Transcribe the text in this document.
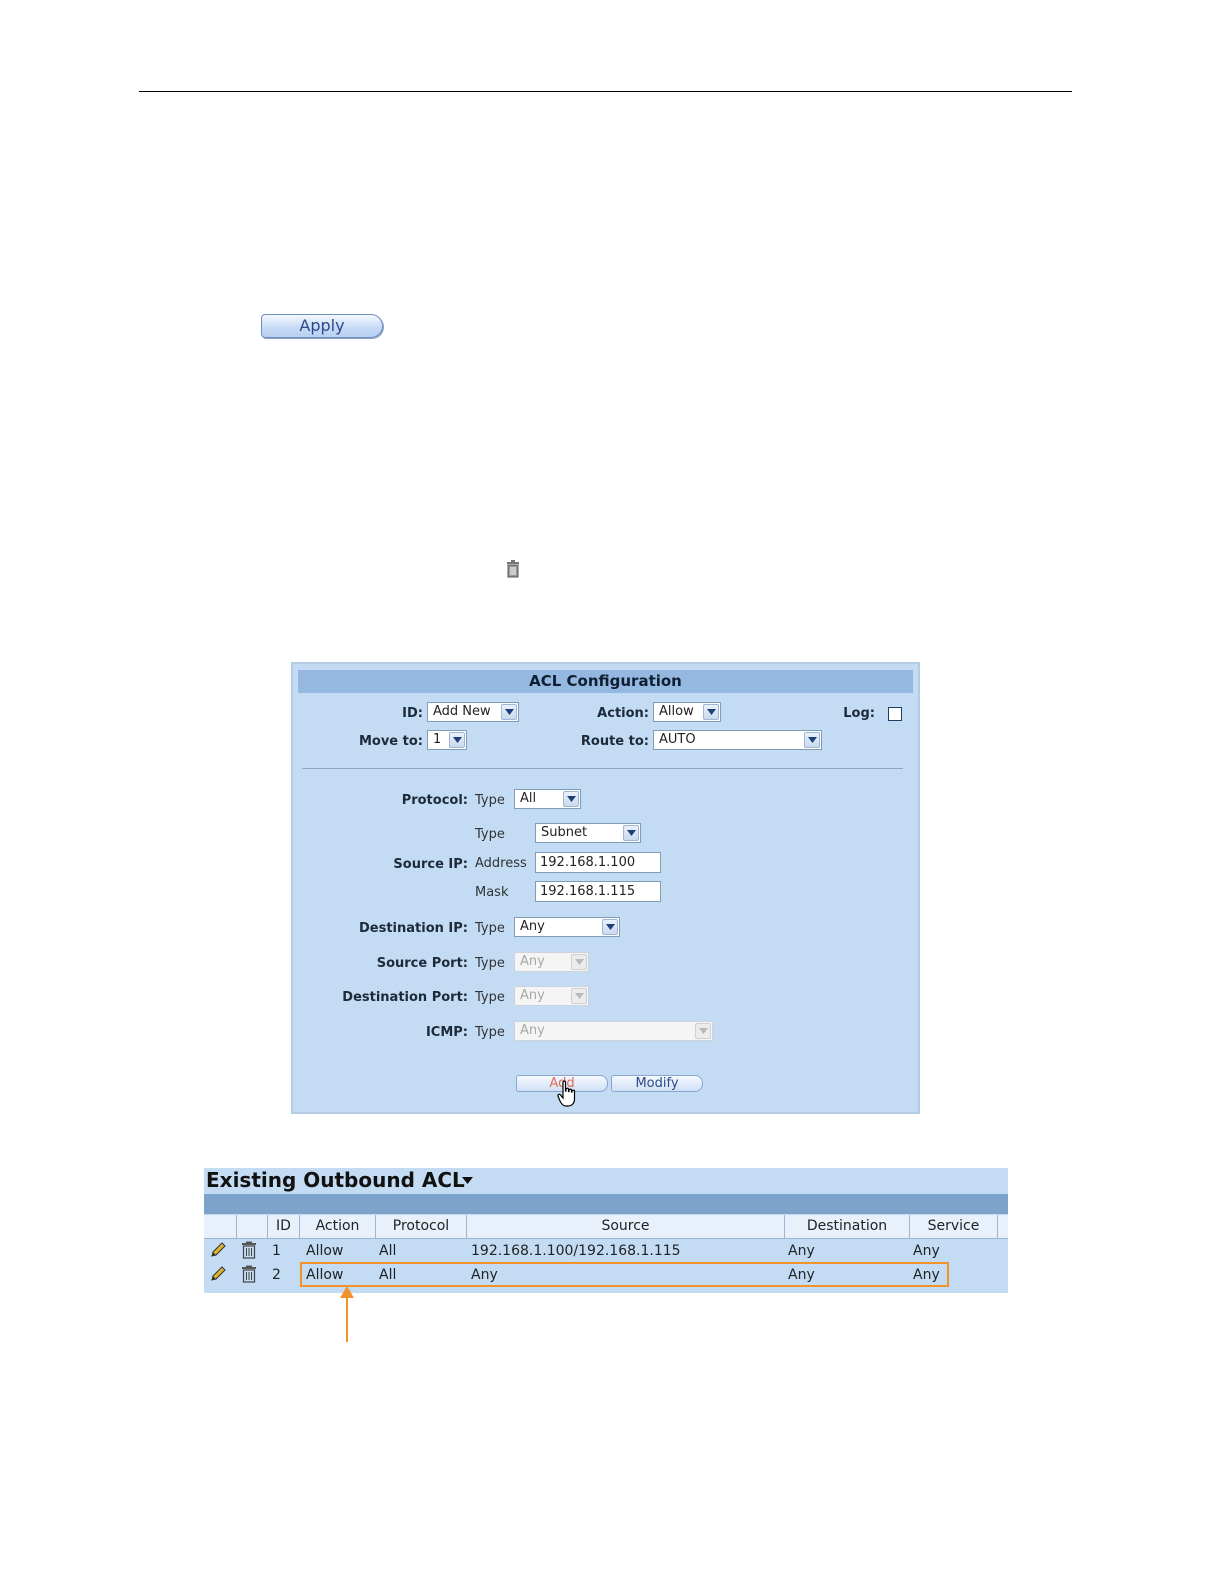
Apply
ACL Configuration
ID: Add New	Action: Allow	Log:
Move to: 1	Route to: AUTO
Protocol: Type	All
Type	Subnet
Source IP: Address	192.168.1.100
Mask	192.168.1.115
Destination IP: Type	Any
Source Port: Type	Any
Destination Port: Type	Any
ICMP: Type	Any
Add	Modify
Existing Outbound ACL
ID	Action	Protocol	Source	Destination	Service
1 Allow	All	192.168.1.100/192.168.1.115	Any	Any
2 Allow	All	Any	Any	Any
